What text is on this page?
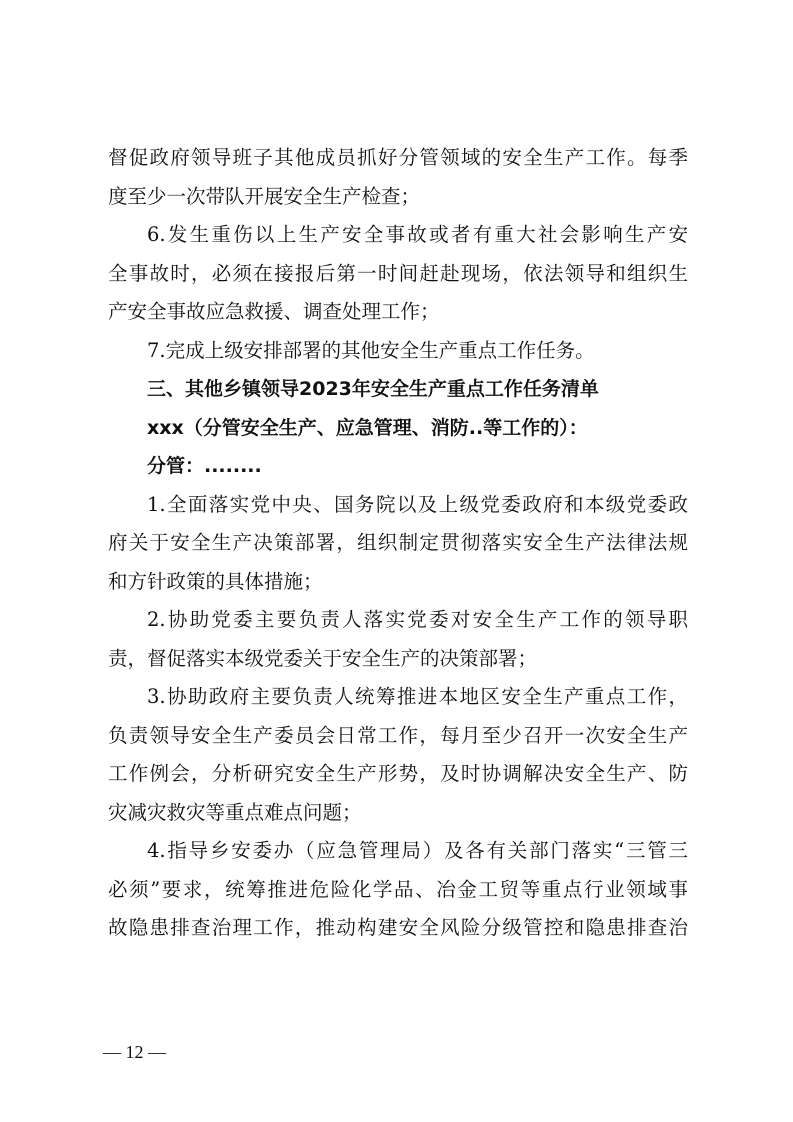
督促政府领导班子其他成员抓好分管领域的安全生产工作。每季
度至少一次带队开展安全生产检查；
6.发生重伤以上生产安全事故或者有重大社会影响生产安
全事故时，必须在接报后第一时间赶赴现场，依法领导和组织生
产安全事故应急救援、调查处理工作；
7.完成上级安排部署的其他安全生产重点工作任务。
三、其他乡镇领导2023年安全生产重点工作任务清单
xxx（分管安全生产、应急管理、消防..等工作的）：
分管：........
1.全面落实党中央、国务院以及上级党委政府和本级党委政
府关于安全生产决策部署，组织制定贯彻落实安全生产法律法规
和方针政策的具体措施；
2.协助党委主要负责人落实党委对安全生产工作的领导职
责，督促落实本级党委关于安全生产的决策部署；
3.协助政府主要负责人统筹推进本地区安全生产重点工作，
负责领导安全生产委员会日常工作，每月至少召开一次安全生产
工作例会，分析研究安全生产形势，及时协调解决安全生产、防
灾减灾救灾等重点难点问题；
4.指导乡安委办（应急管理局）及各有关部门落实“三管三
必须”要求，统筹推进危险化学品、冶金工贸等重点行业领域事
故隐患排查治理工作，推动构建安全风险分级管控和隐患排查治
— 12 —
